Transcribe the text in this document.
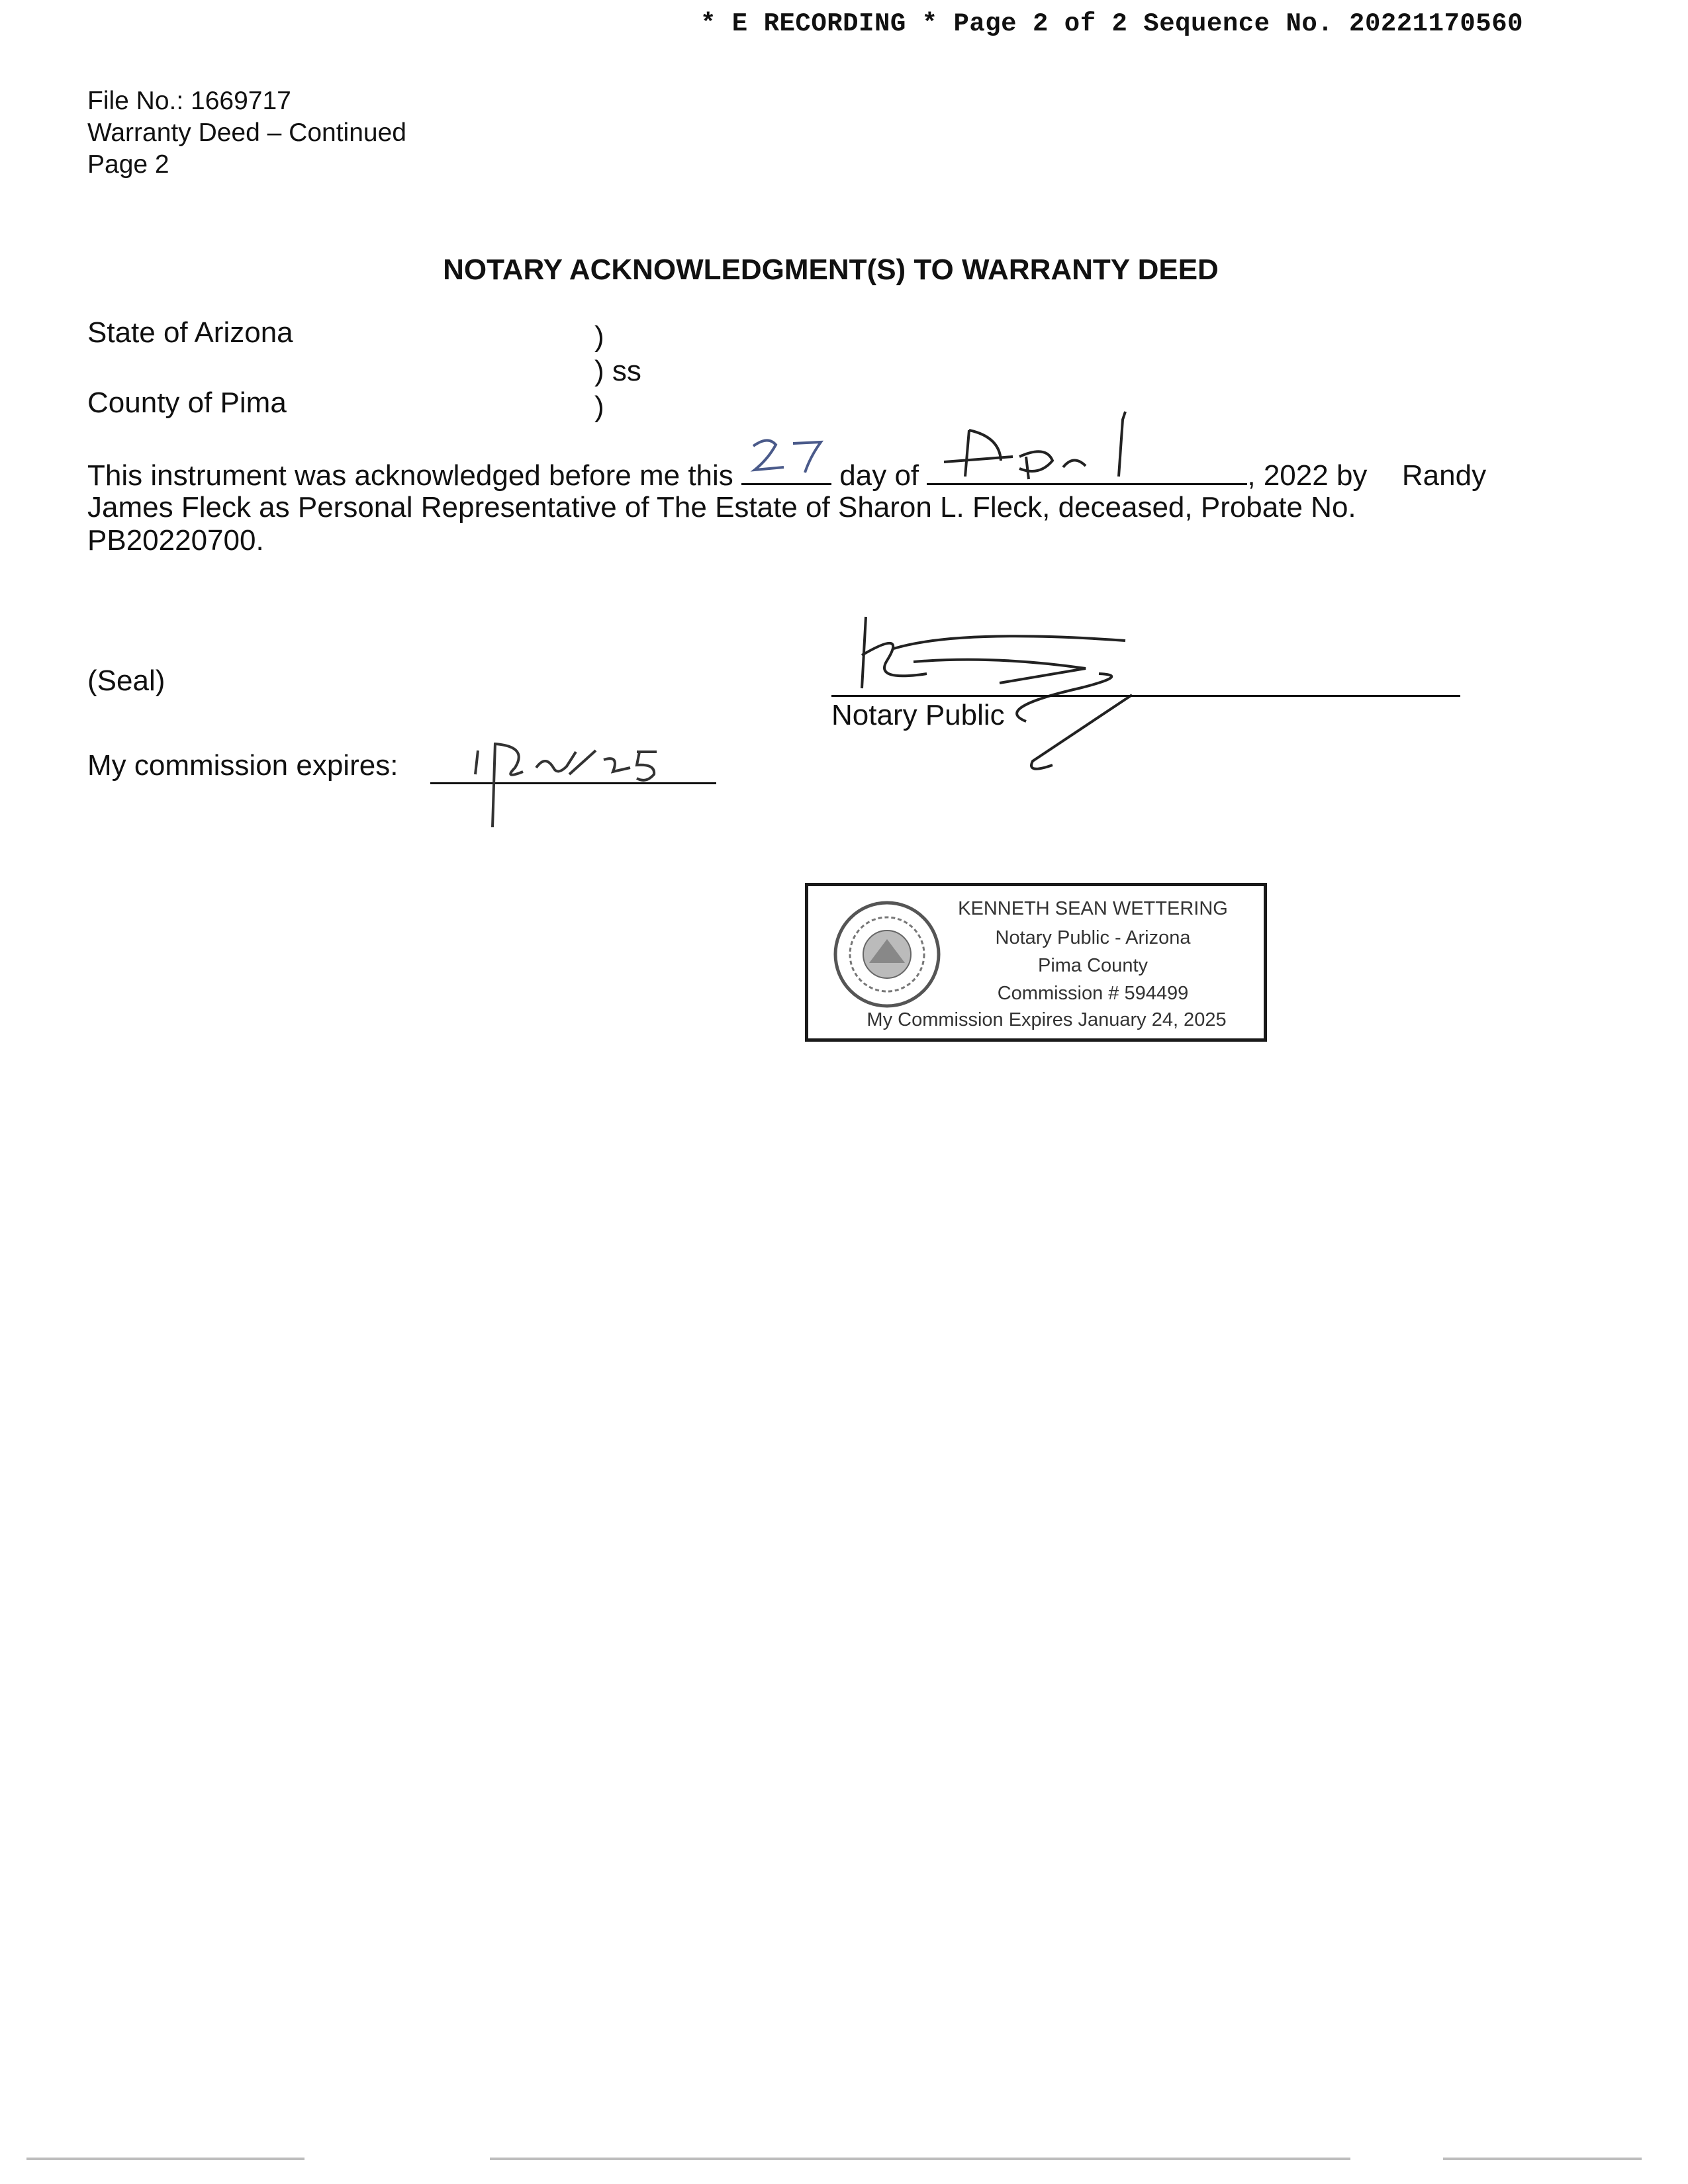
* E RECORDING * Page 2 of 2 Sequence No. 20221170560
File No.: 1669717
Warranty Deed – Continued
Page 2
NOTARY ACKNOWLEDGMENT(S) TO WARRANTY DEED
State of Arizona	)
) ss
County of Pima	)
This instrument was acknowledged before me this
27
day of
April
, 2022 by Randy
James Fleck as Personal Representative of The Estate of Sharon L. Fleck, deceased, Probate No.
PB20220700.
(Seal)
Notary Public
My commission expires:
1/24/25
KENNETH SEAN WETTERING
Notary Public - Arizona
Pima County
Commission # 594499
My Commission Expires January 24, 2025
